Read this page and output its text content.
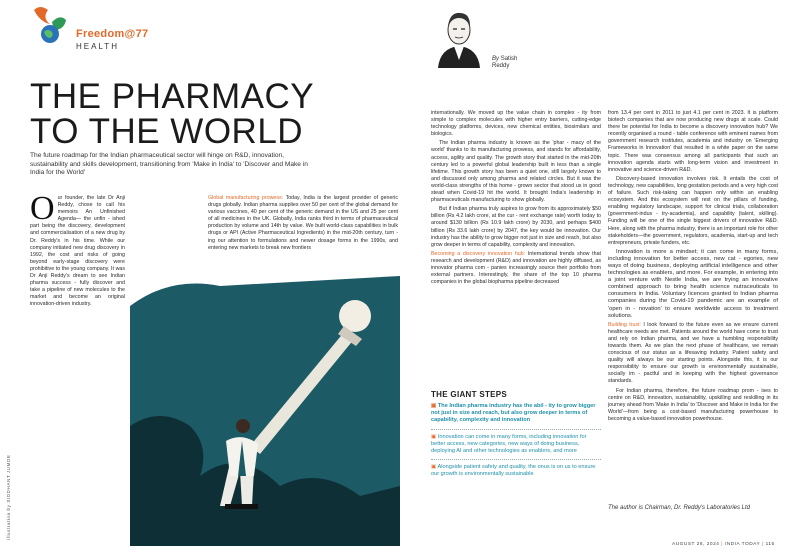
Freedom@77
HEALTH
THE PHARMACY
TO THE WORLD
The future roadmap for the Indian pharmaceutical sector will hinge on R&D, innovation, sustainability and skills development, transitioning from 'Make in India' to 'Discover and Make in India for the World'
O ur founder, the late Dr Anji Reddy, chose to call his memoirs An Unfinished Agenda— the unfin - ished part being the discovery, development and commercialisation of a new drug by Dr. Reddy's in his time. While our company initiated new drug discovery in 1992, the cost and risks of going beyond early-stage discovery were prohibitive to the young company. It was Dr Anji Reddy's dream to see Indian pharma success - fully discover and take a pipeline of new molecules to the market and become an original innovation-driven industry.
Global manufacturing prowess: Today, India is the largest provider of generic drugs globally. Indian pharma supplies over 50 per cent of the global demand for various vaccines, 40 per cent of the generic demand in the US and 25 per cent of all medicines in the UK. Globally, India ranks third in terms of pharmaceutical production by volume and 14th by value. We built world-class capabilities in bulk drugs or API (Active Pharmaceutical Ingredients) in the mid-20th century, turn - ing our attention to formulations and newer dosage forms in the 1990s, and entering new markets to break new frontiers
Illustration by SIDDHANT JUMDE
By Satish
Reddy

internationally. We moved up the value chain in complex - ity from simple to complex molecules with higher entry barriers, cutting-edge technology platforms, devices, new chemical entities, biosimilars and biologics.

The Indian pharma industry is known as the 'phar - macy of the world' thanks to its manufacturing prowess, and stands for affordability, access, agility and quality. The growth story that started in the mid-20th century led to a powerful global leadership built in less than a single lifetime. This growth story has been a quiet one, still largely known to and discussed only among pharma and related circles. But it was the world-class strengths of this home - grown sector that stood us in good stead when Covid-19 hit the world. It brought India's leadership in pharmaceuticals manufacturing to show globally.

But if Indian pharma truly aspires to grow from its approximately $50 billion (Rs 4.2 lakh crore, at the cur - rent exchange rate) worth today to around $130 billion (Rs 10.9 lakh crore) by 2030, and perhaps $400 billion (Rs 33.6 lakh crore) by 2047, the key would be innovation. Our industry has the ability to grow bigger not just in size and reach, but also grow deeper in terms of capability, complexity and innovation.

Becoming a discovery innovation hub: International trends show that research and development (R&D) and innovation are highly diffused, as innovator pharma com - panies increasingly source their portfolio from external partners. Interestingly, the share of the top 10 pharma companies in the global biopharma pipeline decreased

THE GIANT STEPS
▣ The Indian pharma industry has the abil - ity to grow bigger not just in size and reach, but also grow deeper in terms of capability, complexity and innovation
▣ Innovation can come in many forms, including innovation for better access, new categories, new ways of doing business, deploying AI and other technologies as enablers, and more
▣ Alongside patient safety and quality, the onus is on us to ensure our growth is environmentally sustainable

from 13.4 per cent in 2011 to just 4.1 per cent in 2023. It is platform biotech companies that are now producing new drugs at scale. Could there be potential for India to become a discovery innovation hub? We recently organised a round - table conference with eminent names from government research institutes, academia and industry on 'Emerging Frameworks in Innovation' that resulted in a white paper on the same topic. There was consensus among all participants that such an innovation agenda starts with long-term vision and investment in innovative and science-driven R&D.

Discovery-based innovation involves risk. It entails the cost of technology, new capabilities, long gestation periods and a very high cost of failure. Such risk-taking can happen only within an enabling ecosystem. And this ecosystem will rest on the pillars of funding, enabling regulatory landscape, support for clinical trials, collaboration (government-indus - try-academia), and capability (talent, skilling). Funding will be one of the single biggest drivers of innovative R&D. Here, along with the pharma industry, there is an important role for other stakeholders—the government, regulators, academia, start-up and tech entrepreneurs, private funders, etc.

Innovation is more a mindset; it can come in many forms, including innovation for better access, new cat - egories, new ways of doing business, deploying artificial intelligence and other technologies as enablers, and more. For example, in entering into a joint venture with Nestle India, we are trying an innovative combined approach to bring health science nutraceuticals to consumers in India. Voluntary licences granted to Indian pharma companies during the Covid-19 pandemic are an example of 'open in - novation' to ensure worldwide access to treatment solutions.

Building trust: I look forward to the future even as we ensure current healthcare needs are met. Patients around the world have come to trust and rely on Indian pharma, and we have a humbling responsibility towards them. As we plan the next phase of healthcare, we remain conscious of our status as a lifesaving industry. Patient safety and quality will always be our starting points. Alongside this, it is our responsibility to ensure our growth is environmentally sustainable, socially im - pactful and in keeping with the highest governance standards.

For Indian pharma, therefore, the future roadmap prom - ises to centre on R&D, innovation, sustainability, upskilling and reskilling in its journey ahead from 'Make in India' to 'Discover and Make in India for the World'—from being a cost-based manufacturing powerhouse to becoming a value-based innovation powerhouse.

The author is Chairman, Dr. Reddy's Laboratories Ltd
AUGUST 26, 2024 | INDIA TODAY | 115
